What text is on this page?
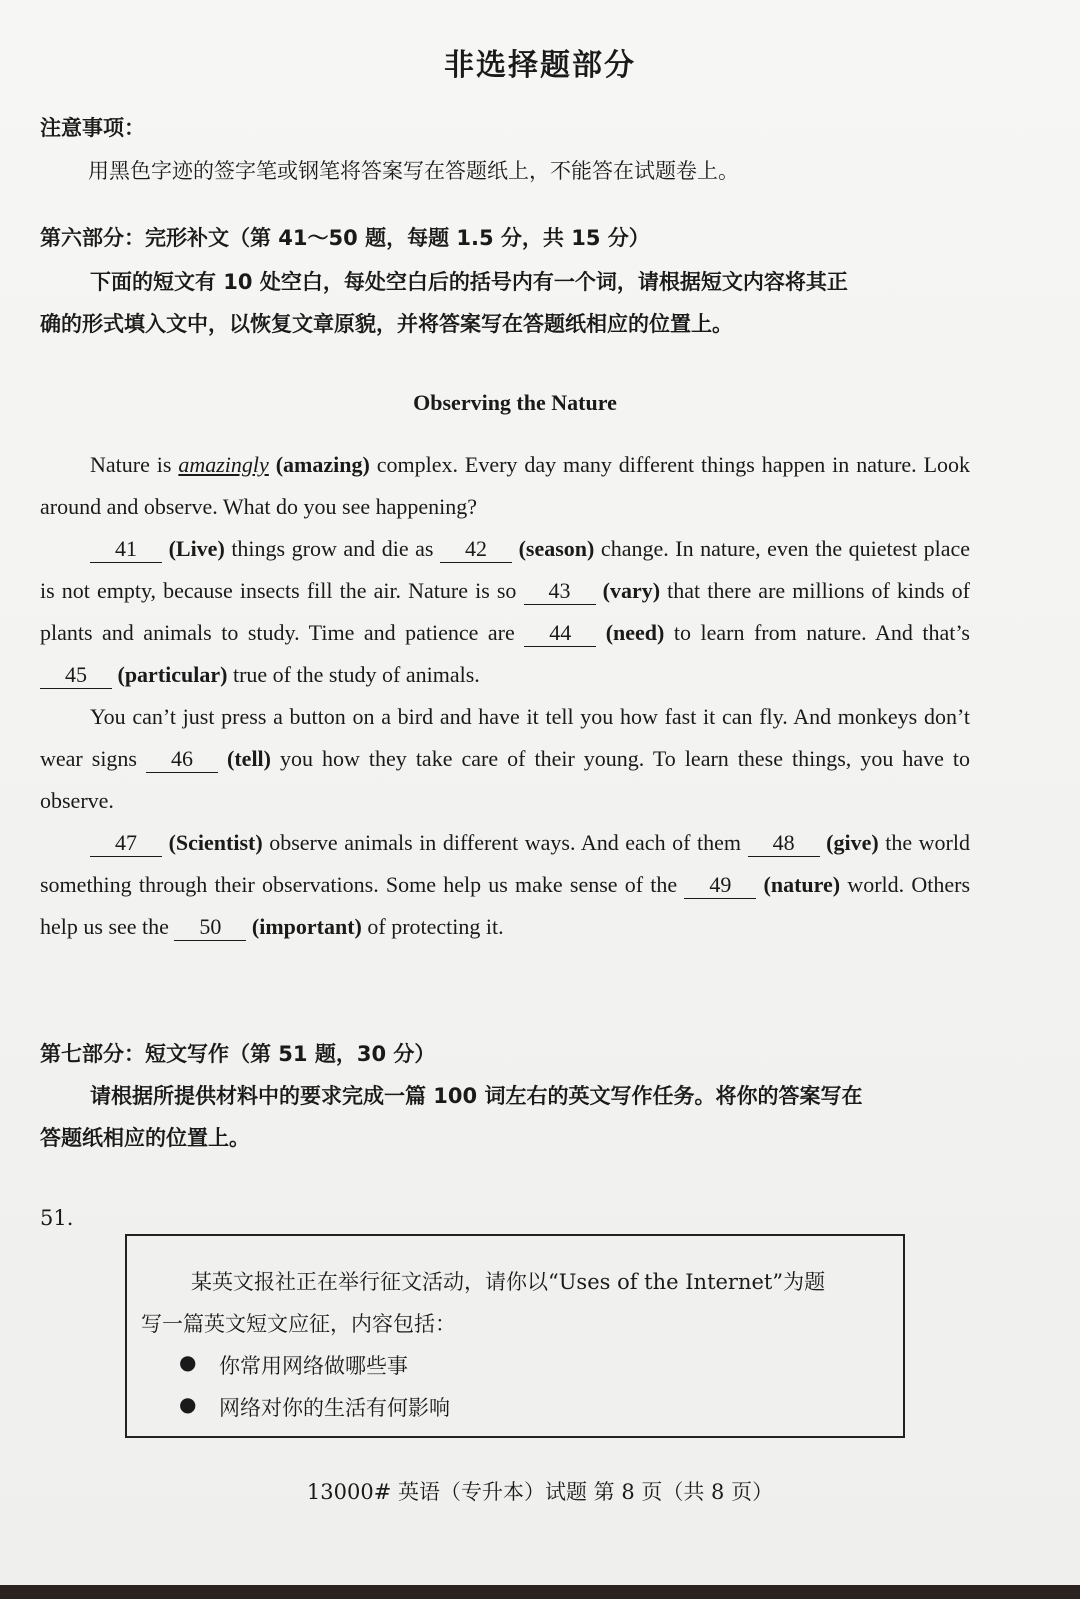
非选择题部分
注意事项：
用黑色字迹的签字笔或钢笔将答案写在答题纸上，不能答在试题卷上。
第六部分：完形补文（第 41～50 题，每题 1.5 分，共 15 分）
下面的短文有 10 处空白，每处空白后的括号内有一个词，请根据短文内容将其正
确的形式填入文中，以恢复文章原貌，并将答案写在答题纸相应的位置上。
Observing the Nature

Nature is amazingly (amazing) complex. Every day many different things happen in nature. Look around and observe. What do you see happening?

41 (Live) things grow and die as 42 (season) change. In nature, even the quietest place is not empty, because insects fill the air. Nature is so 43 (vary) that there are millions of kinds of plants and animals to study. Time and patience are 44 (need) to learn from nature. And that’s 45 (particular) true of the study of animals.

You can’t just press a button on a bird and have it tell you how fast it can fly. And monkeys don’t wear signs 46 (tell) you how they take care of their young. To learn these things, you have to observe.

47 (Scientist) observe animals in different ways. And each of them 48 (give) the world something through their observations. Some help us make sense of the 49 (nature) world. Others help us see the 50 (important) of protecting it.

第七部分：短文写作（第 51 题，30 分）
请根据所提供材料中的要求完成一篇 100 词左右的英文写作任务。将你的答案写在
答题纸相应的位置上。
51.
某英文报社正在举行征文活动，请你以“Uses of the Internet”为题
写一篇英文短文应征，内容包括：
● 你常用网络做哪些事
● 网络对你的生活有何影响
13000# 英语（专升本）试题 第 8 页（共 8 页）
